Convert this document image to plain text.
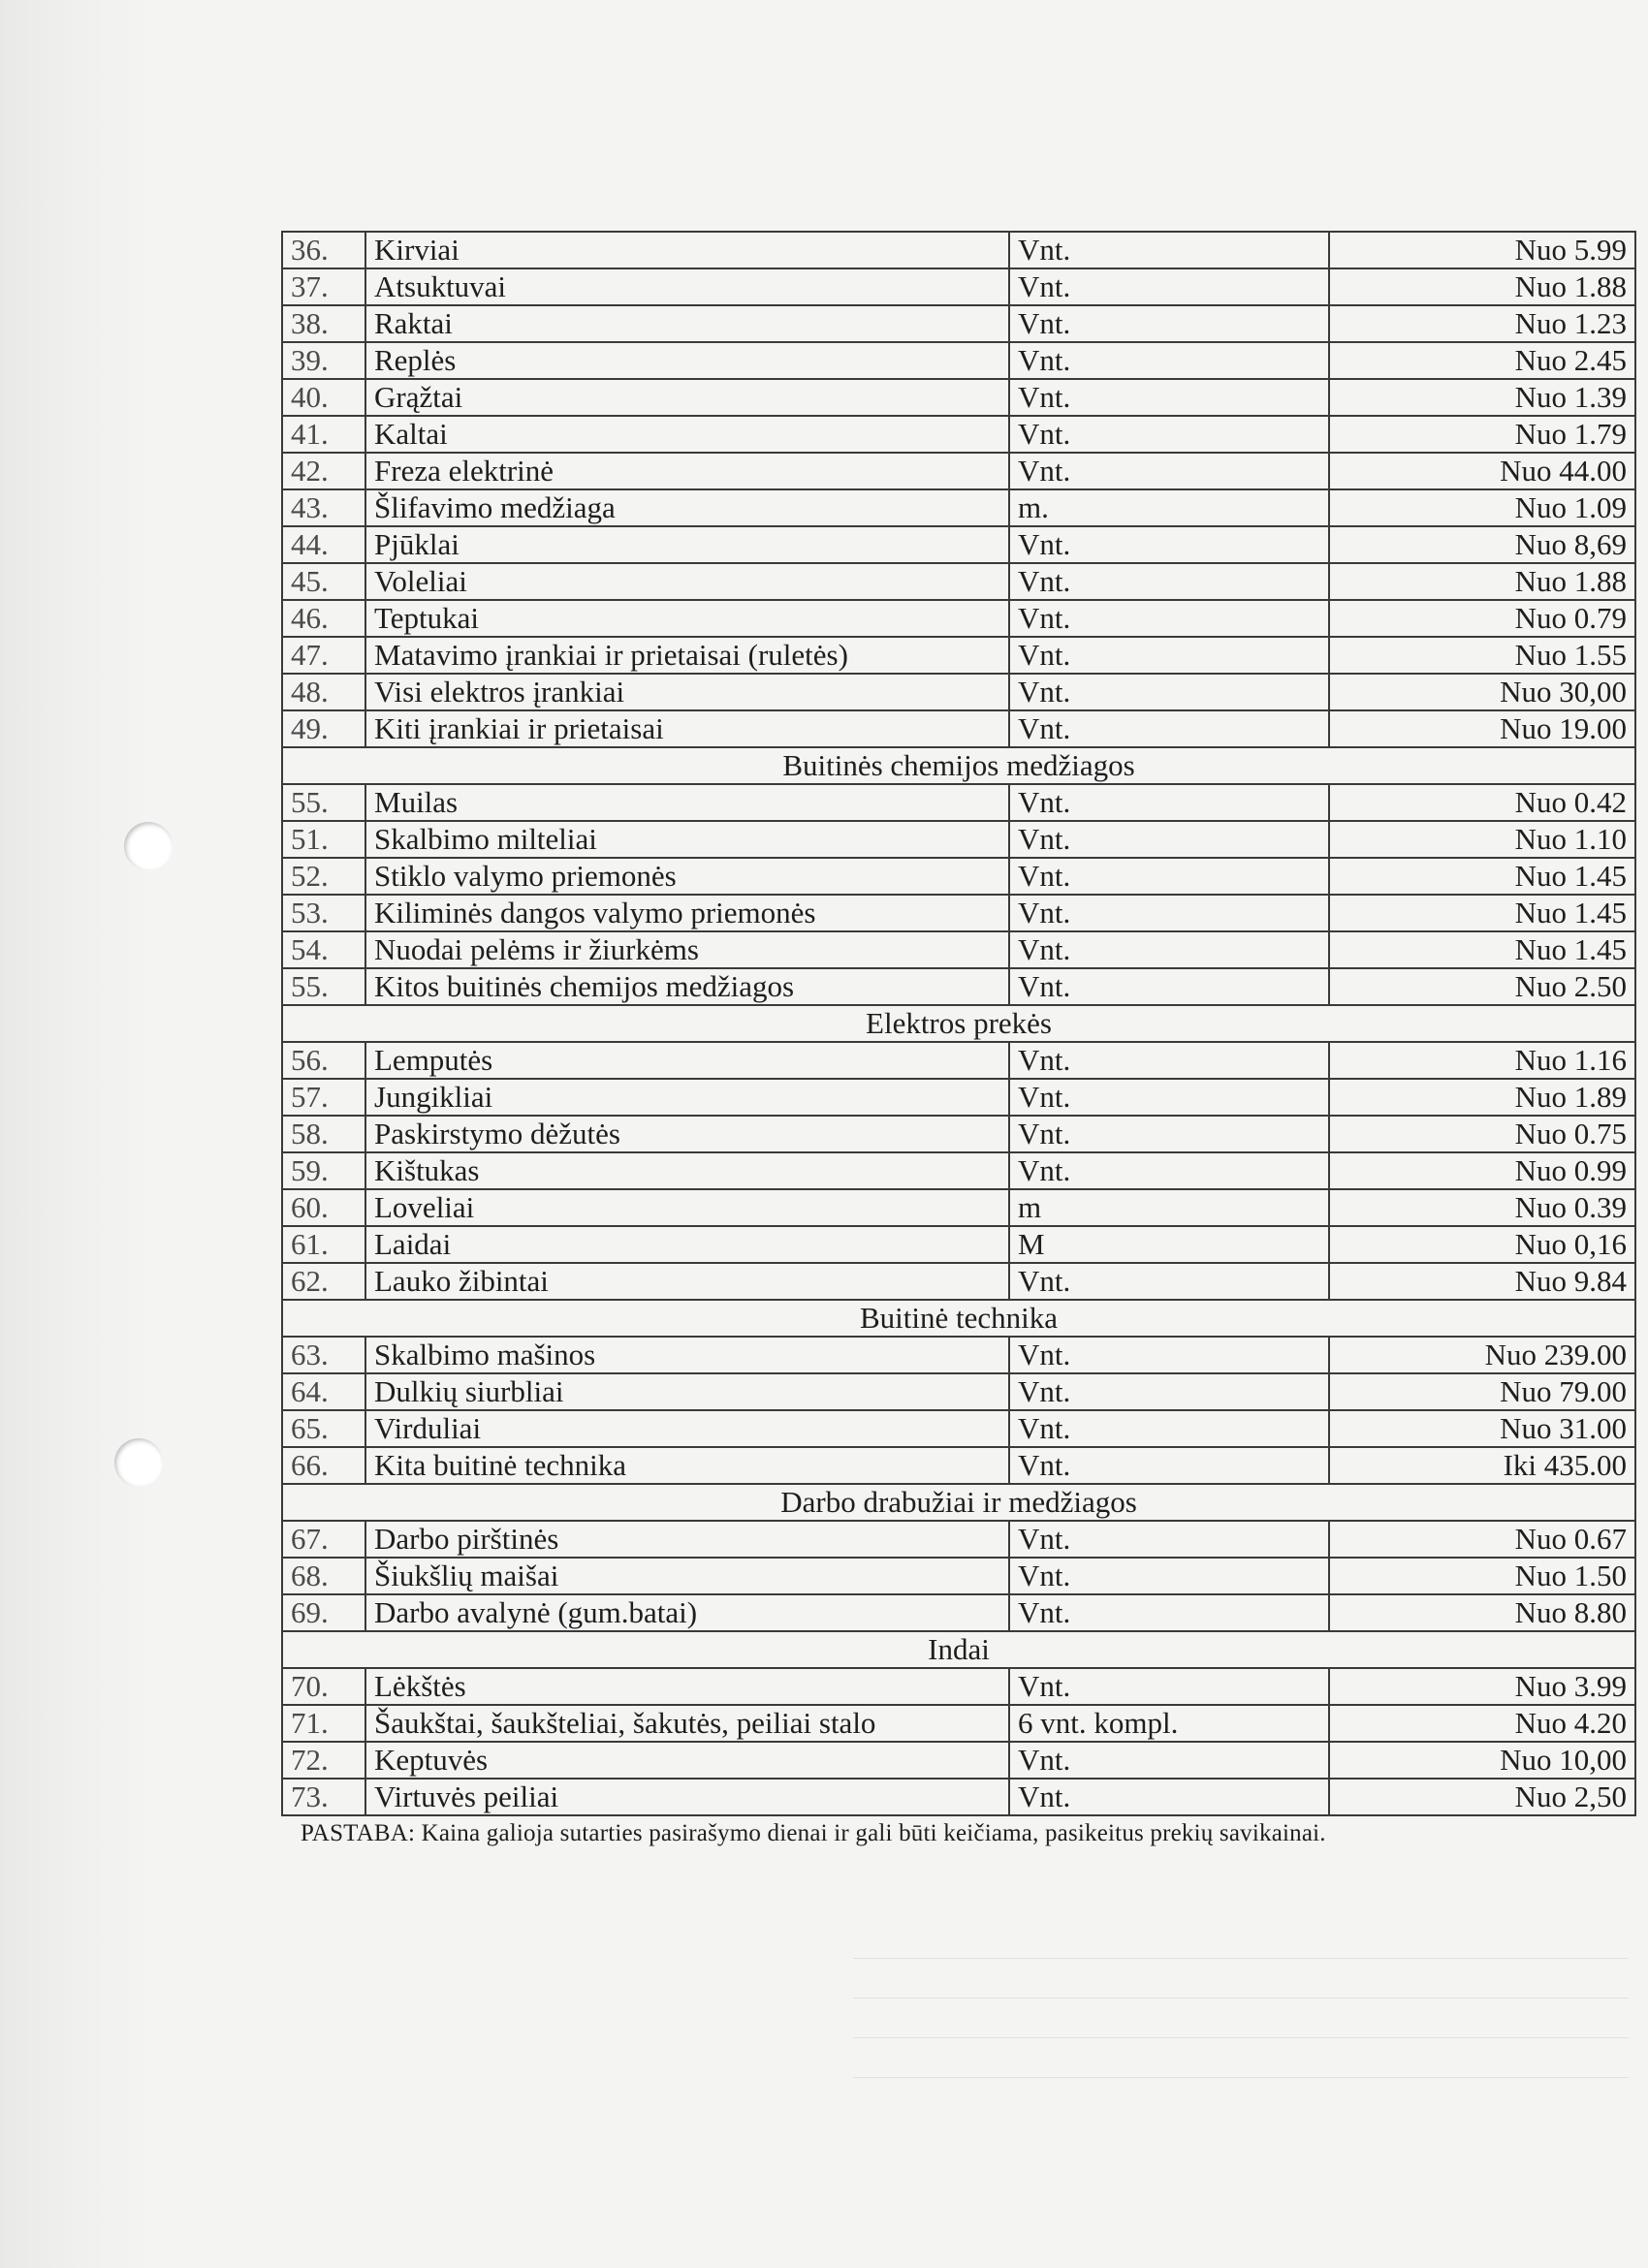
36.	Kirviai	Vnt.	Nuo 5.99
37.	Atsuktuvai	Vnt.	Nuo 1.88
38.	Raktai	Vnt.	Nuo 1.23
39.	Replės	Vnt.	Nuo 2.45
40.	Grąžtai	Vnt.	Nuo 1.39
41.	Kaltai	Vnt.	Nuo 1.79
42.	Freza elektrinė	Vnt.	Nuo 44.00
43.	Šlifavimo medžiaga	m.	Nuo 1.09
44.	Pjūklai	Vnt.	Nuo 8,69
45.	Voleliai	Vnt.	Nuo 1.88
46.	Teptukai	Vnt.	Nuo 0.79
47.	Matavimo įrankiai ir prietaisai (ruletės)	Vnt.	Nuo 1.55
48.	Visi elektros įrankiai	Vnt.	Nuo 30,00
49.	Kiti įrankiai ir prietaisai	Vnt.	Nuo 19.00
Buitinės chemijos medžiagos			
55.	Muilas	Vnt.	Nuo 0.42
51.	Skalbimo milteliai	Vnt.	Nuo 1.10
52.	Stiklo valymo priemonės	Vnt.	Nuo 1.45
53.	Kiliminės dangos valymo priemonės	Vnt.	Nuo 1.45
54.	Nuodai pelėms ir žiurkėms	Vnt.	Nuo 1.45
55.	Kitos buitinės chemijos medžiagos	Vnt.	Nuo 2.50
Elektros prekės			
56.	Lemputės	Vnt.	Nuo 1.16
57.	Jungikliai	Vnt.	Nuo 1.89
58.	Paskirstymo dėžutės	Vnt.	Nuo 0.75
59.	Kištukas	Vnt.	Nuo 0.99
60.	Loveliai	m	Nuo 0.39
61.	Laidai	M	Nuo 0,16
62.	Lauko žibintai	Vnt.	Nuo 9.84
Buitinė technika			
63.	Skalbimo mašinos	Vnt.	Nuo 239.00
64.	Dulkių siurbliai	Vnt.	Nuo 79.00
65.	Virduliai	Vnt.	Nuo 31.00
66.	Kita buitinė technika	Vnt.	Iki 435.00
Darbo drabužiai ir medžiagos			
67.	Darbo pirštinės	Vnt.	Nuo 0.67
68.	Šiukšlių maišai	Vnt.	Nuo 1.50
69.	Darbo avalynė (gum.batai)	Vnt.	Nuo 8.80
Indai			
70.	Lėkštės	Vnt.	Nuo 3.99
71.	Šaukštai, šaukšteliai, šakutės, peiliai stalo	6 vnt. kompl.	Nuo 4.20
72.	Keptuvės	Vnt.	Nuo 10,00
73.	Virtuvės peiliai	Vnt.	Nuo 2,50
PASTABA: Kaina galioja sutarties pasirašymo dienai ir gali būti keičiama, pasikeitus prekių savikainai.
